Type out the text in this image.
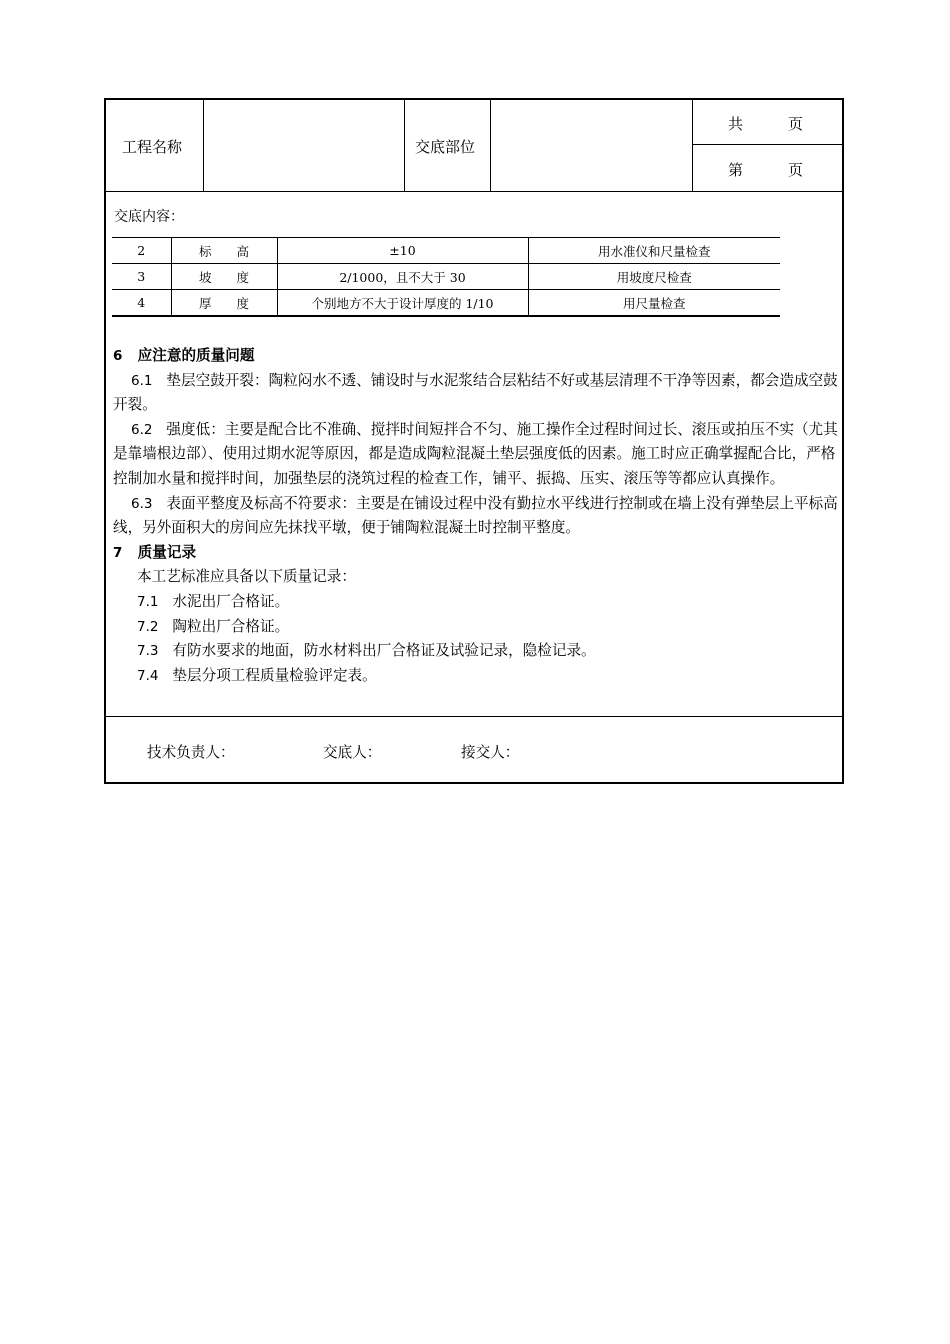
工程名称	交底部位
共　　　页
第　　　页
交底内容：
2	标　　高	±10	用水准仪和尺量检查
3	坡　　度	2/1000，且不大于 30	用坡度尺检查
4	厚　　度	个别地方不大于设计厚度的 1/10	用尺量检查

6 应注意的质量问题

6.1 垫层空鼓开裂：陶粒闷水不透、铺设时与水泥浆结合层粘结不好或基层清理不干净等因素，都会造成空鼓开裂。

6.2 强度低：主要是配合比不准确、搅拌时间短拌合不匀、施工操作全过程时间过长、滚压或拍压不实（尤其是靠墙根边部）、使用过期水泥等原因，都是造成陶粒混凝土垫层强度低的因素。施工时应正确掌握配合比，严格控制加水量和搅拌时间，加强垫层的浇筑过程的检查工作，铺平、振捣、压实、滚压等等都应认真操作。

6.3 表面平整度及标高不符要求：主要是在铺设过程中没有勤拉水平线进行控制或在墙上没有弹垫层上平标高线，另外面积大的房间应先抹找平墩，便于铺陶粒混凝土时控制平整度。

7 质量记录

本工艺标准应具备以下质量记录：

7.1 水泥出厂合格证。

7.2 陶粒出厂合格证。

7.3 有防水要求的地面，防水材料出厂合格证及试验记录，隐检记录。

7.4 垫层分项工程质量检验评定表。

技术负责人：	交底人：	接交人：
